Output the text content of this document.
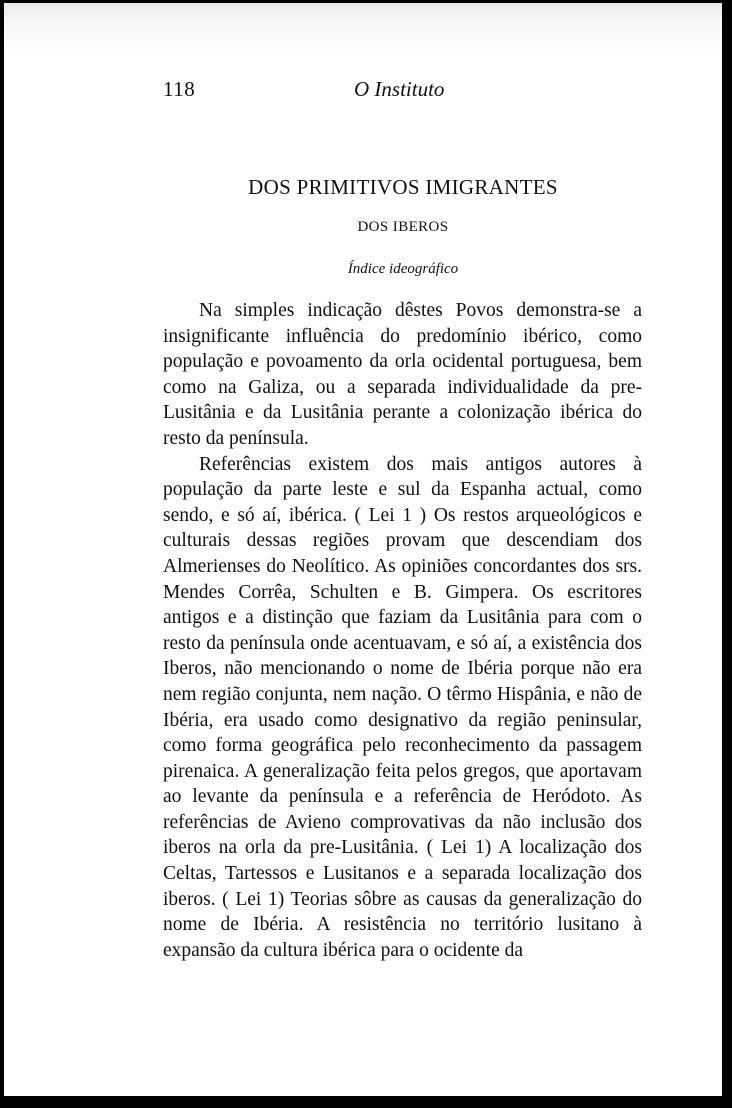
118	O Instituto
DOS PRIMITIVOS IMIGRANTES
DOS IBEROS
Índice ideográfico

Na simples indicação dêstes Povos demonstra-se a insignificante influência do predomínio ibérico, como população e povoamento da orla ocidental portuguesa, bem como na Galiza, ou a separada individualidade da pre-Lusitânia e da Lusitânia perante a colonização ibérica do resto da península.

Referências existem dos mais antigos autores à população da parte leste e sul da Espanha actual, como sendo, e só aí, ibérica. ( Lei 1 ) Os restos arqueológicos e culturais dessas regiões provam que descendiam dos Almerienses do Neolítico. As opiniões concordantes dos srs. Mendes Corrêa, Schulten e B. Gimpera. Os escritores antigos e a distinção que faziam da Lusitânia para com o resto da península onde acentuavam, e só aí, a existência dos Iberos, não mencionando o nome de Ibéria porque não era nem região conjunta, nem nação. O têrmo Hispânia, e não de Ibéria, era usado como designativo da região peninsular, como forma geográfica pelo reconhecimento da passagem pirenaica. A generalização feita pelos gregos, que aportavam ao levante da península e a referência de Heródoto. As referências de Avieno comprovativas da não inclusão dos iberos na orla da pre-Lusitânia. ( Lei 1) A localização dos Celtas, Tartessos e Lusitanos e a separada localização dos iberos. ( Lei 1) Teorias sôbre as causas da generalização do nome de Ibéria. A resistência no território lusitano à expansão da cultura ibérica para o ocidente da
